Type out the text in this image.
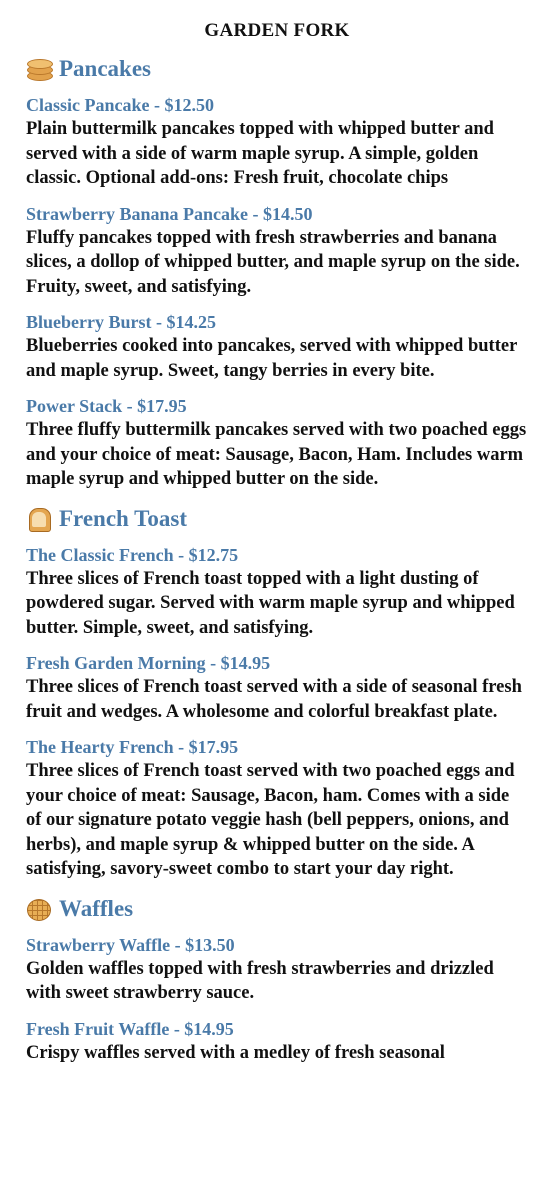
GARDEN FORK
Pancakes
Classic Pancake - $12.50
Plain buttermilk pancakes topped with whipped butter and served with a side of warm maple syrup. A simple, golden classic. Optional add-ons: Fresh fruit, chocolate chips
Strawberry Banana Pancake - $14.50
Fluffy pancakes topped with fresh strawberries and banana slices, a dollop of whipped butter, and maple syrup on the side. Fruity, sweet, and satisfying.
Blueberry Burst - $14.25
Blueberries cooked into pancakes, served with whipped butter and maple syrup. Sweet, tangy berries in every bite.
Power Stack - $17.95
Three fluffy buttermilk pancakes served with two poached eggs and your choice of meat: Sausage, Bacon, Ham. Includes warm maple syrup and whipped butter on the side.
French Toast
The Classic French - $12.75
Three slices of French toast topped with a light dusting of powdered sugar. Served with warm maple syrup and whipped butter. Simple, sweet, and satisfying.
Fresh Garden Morning - $14.95
Three slices of French toast served with a side of seasonal fresh fruit and wedges. A wholesome and colorful breakfast plate.
The Hearty French - $17.95
Three slices of French toast served with two poached eggs and your choice of meat: Sausage, Bacon, ham. Comes with a side of our signature potato veggie hash (bell peppers, onions, and herbs), and maple syrup & whipped butter on the side. A satisfying, savory-sweet combo to start your day right.
Waffles
Strawberry Waffle - $13.50
Golden waffles topped with fresh strawberries and drizzled with sweet strawberry sauce.
Fresh Fruit Waffle - $14.95
Crispy waffles served with a medley of fresh seasonal
